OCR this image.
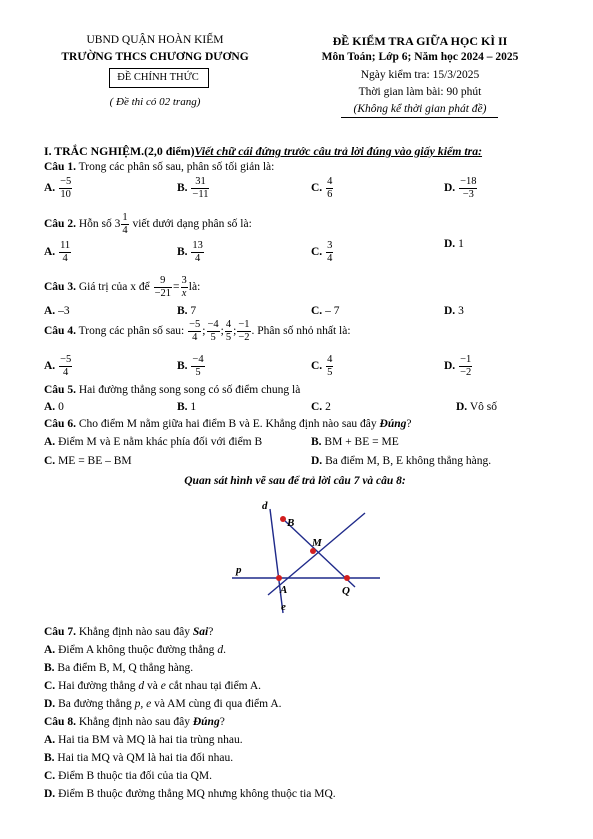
UBND QUẬN HOÀN KIẾM
TRƯỜNG THCS CHƯƠNG DƯƠNG
ĐỀ CHÍNH THỨC
( Đề thi có 02 trang)
ĐỀ KIỂM TRA GIỮA HỌC KÌ II
Môn Toán; Lớp 6; Năm học 2024 – 2025
Ngày kiểm tra: 15/3/2025
Thời gian làm bài: 90 phút
(Không kể thời gian phát đề)
I. TRẮC NGHIỆM.(2,0 điểm)Viết chữ cái đứng trước câu trả lời đúng vào giấy kiểm tra:
Câu 1. Trong các phân số sau, phân số tối giản là:
A. $\frac{-5}{10}$	B. $\frac{31}{-11}$	C. $\frac{4}{6}$	D. $\frac{-18}{-3}$
Câu 2. Hỗn số $3 \frac{1}{4}$ viết dưới dạng phân số là:
A. $\frac{11}{4}$	B. $\frac{13}{4}$	C. $\frac{3}{4}$	D. 1
Câu 3. Giá trị của x để $\frac{9}{-21} = \frac{3}{x}$ là:
A. –3	B. 7	C. – 7	D. 3
Câu 4. Trong các phân số sau: $\frac{-5}{4}$ ; $\frac{-4}{5}$ ; $\frac{4}{5}$ ; $\frac{-1}{-2}$ . Phân số nhỏ nhất là:
A. $\frac{-5}{4}$	B. $\frac{-4}{5}$	C. $\frac{4}{5}$	D. $\frac{-1}{-2}$
Câu 5. Hai đường thẳng song song có số điểm chung là
A. 0	B. 1	C. 2	D. Vô số
Câu 6. Cho điểm M nằm giữa hai điểm B và E. Khẳng định nào sau đây Đúng?
A. Điểm M và E nằm khác phía đối với điểm B	B. BM + BE = ME
C. ME = BE – BM	D. Ba điểm M, B, E không thẳng hàng.
Quan sát hình vẽ sau để trả lời câu 7 và câu 8:
d
B
M
p
A	Q
e
Câu 7. Khẳng định nào sau đây Sai?
A. Điểm A không thuộc đường thẳng d.
B. Ba điểm B, M, Q thẳng hàng.
C. Hai đường thẳng d và e cắt nhau tại điểm A.
D. Ba đường thẳng p, e và AM cùng đi qua điểm A.
Câu 8. Khẳng định nào sau đây Đúng?
A. Hai tia BM và MQ là hai tia trùng nhau.
B. Hai tia MQ và QM là hai tia đối nhau.
C. Điểm B thuộc tia đối của tia QM.
D. Điểm B thuộc đường thẳng MQ nhưng không thuộc tia MQ.
